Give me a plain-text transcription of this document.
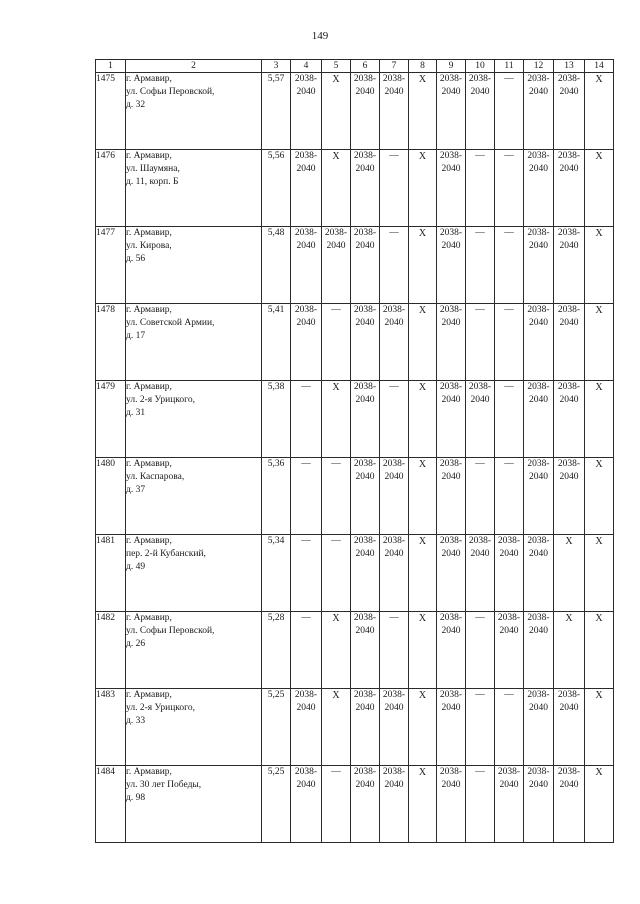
149
1	2	3	4	5	6	7	8	9	10	11	12	13	14
1475	г. Армавир,
ул. Софьи Перовской,
д. 32	5,57	2038-
2040	X	2038-
2040	2038-
2040	X	2038-
2040	2038-
2040	—	2038-
2040	2038-
2040	X

1476	г. Армавир,
ул. Шаумяна,
д. 11, корп. Б	5,56	2038-
2040	X	2038-
2040	—	X	2038-
2040	—	—	2038-
2040	2038-
2040	X

1477	г. Армавир,
ул. Кирова,
д. 56	5,48	2038-
2040	2038-
2040	2038-
2040	—	X	2038-
2040	—	—	2038-
2040	2038-
2040	X

1478	г. Армавир,
ул. Советской Армии,
д. 17	5,41	2038-
2040	—	2038-
2040	2038-
2040	X	2038-
2040	—	—	2038-
2040	2038-
2040	X

1479	г. Армавир,
ул. 2-я Урицкого,
д. 31	5,38	—	X	2038-
2040	—	X	2038-
2040	2038-
2040	—	2038-
2040	2038-
2040	X

1480	г. Армавир,
ул. Каспарова,
д. 37	5,36	—	—	2038-
2040	2038-
2040	X	2038-
2040	—	—	2038-
2040	2038-
2040	X

1481	г. Армавир,
пер. 2-й Кубанский,
д. 49	5,34	—	—	2038-
2040	2038-
2040	X	2038-
2040	2038-
2040	2038-
2040	2038-
2040	X	X

1482	г. Армавир,
ул. Софьи Перовской,
д. 26	5,28	—	X	2038-
2040	—	X	2038-
2040	—	2038-
2040	2038-
2040	X	X

1483	г. Армавир,
ул. 2-я Урицкого,
д. 33	5,25	2038-
2040	X	2038-
2040	2038-
2040	X	2038-
2040	—	—	2038-
2040	2038-
2040	X

1484	г. Армавир,
ул. 30 лет Победы,
д. 98	5,25	2038-
2040	—	2038-
2040	2038-
2040	X	2038-
2040	—	2038-
2040	2038-
2040	2038-
2040	X
